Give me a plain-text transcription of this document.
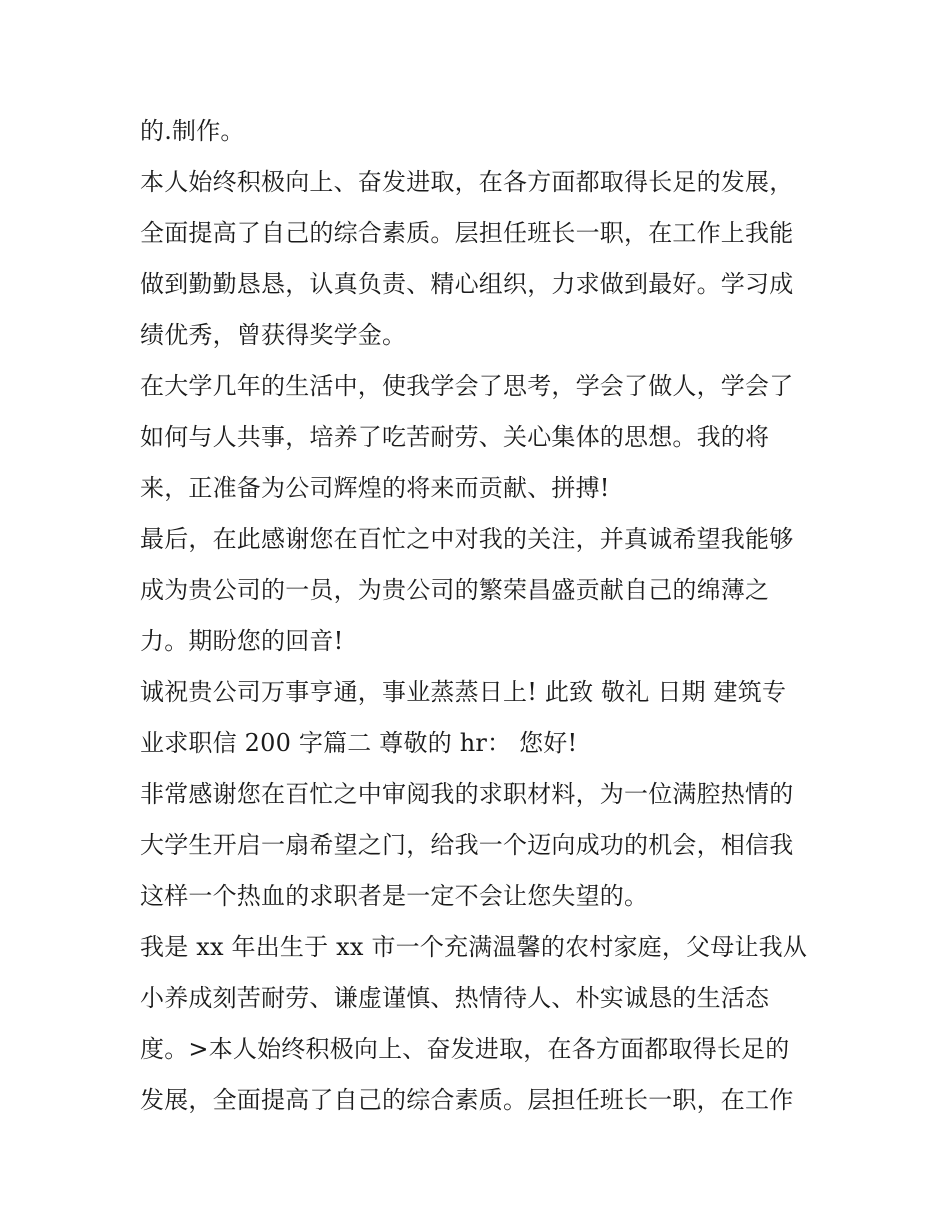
的.制作。
本人始终积极向上、奋发进取，在各方面都取得长足的发展，
全面提高了自己的综合素质。层担任班长一职，在工作上我能
做到勤勤恳恳，认真负责、精心组织，力求做到最好。学习成
绩优秀，曾获得奖学金。
在大学几年的生活中，使我学会了思考，学会了做人，学会了
如何与人共事，培养了吃苦耐劳、关心集体的思想。我的将
来，正准备为公司辉煌的将来而贡献、拼搏!
最后，在此感谢您在百忙之中对我的关注，并真诚希望我能够
成为贵公司的一员，为贵公司的繁荣昌盛贡献自己的绵薄之
力。期盼您的回音!
诚祝贵公司万事亨通，事业蒸蒸日上! 此致 敬礼 日期 建筑专
业求职信 200 字篇二 尊敬的 hr： 您好!
非常感谢您在百忙之中审阅我的求职材料，为一位满腔热情的
大学生开启一扇希望之门，给我一个迈向成功的机会，相信我
这样一个热血的求职者是一定不会让您失望的。
我是 xx 年出生于 xx 市一个充满温馨的农村家庭，父母让我从
小养成刻苦耐劳、谦虚谨慎、热情待人、朴实诚恳的生活态
度。>本人始终积极向上、奋发进取，在各方面都取得长足的
发展，全面提高了自己的综合素质。层担任班长一职，在工作
